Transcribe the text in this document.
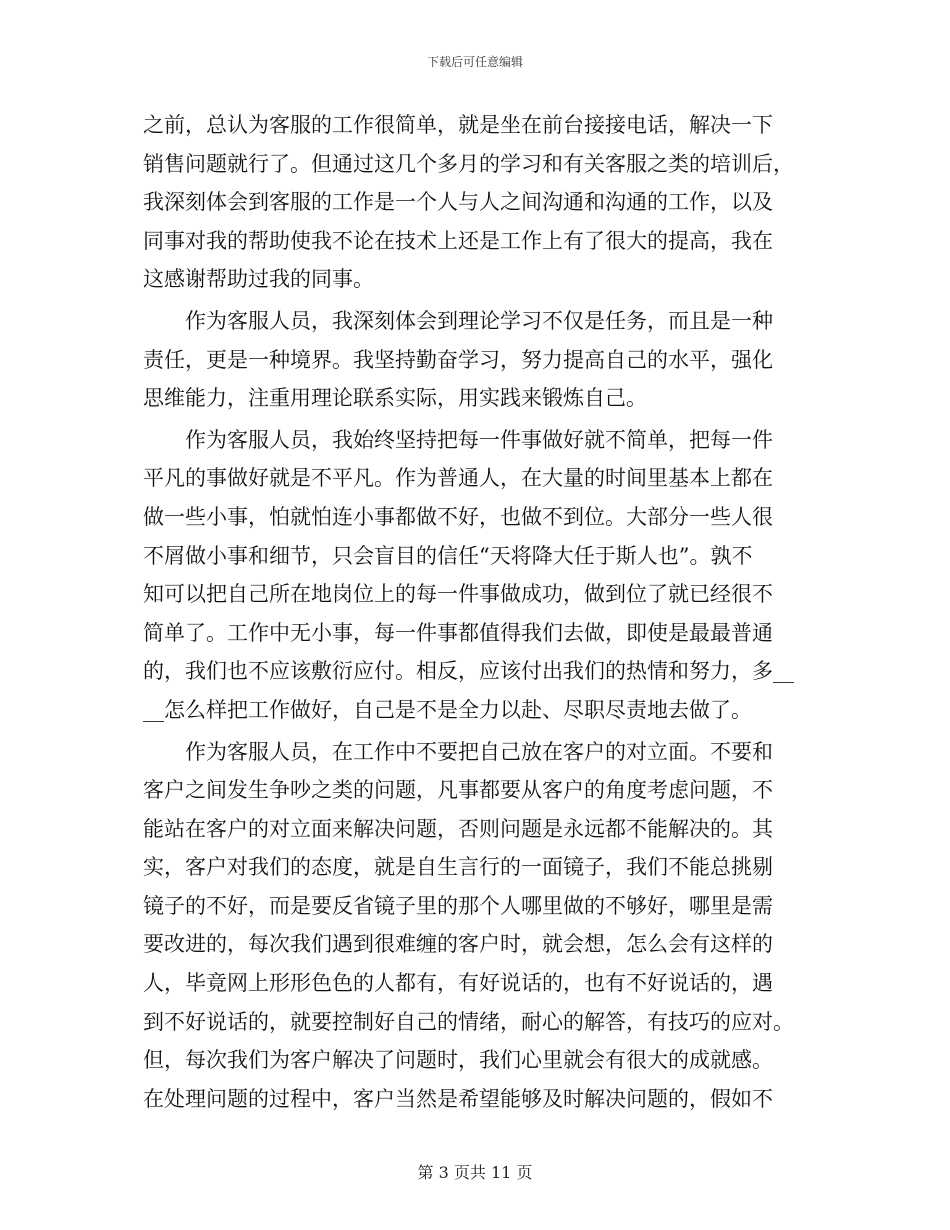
下载后可任意编辑
之前，总认为客服的工作很简单，就是坐在前台接接电话，解决一下
销售问题就行了。但通过这几个多月的学习和有关客服之类的培训后，
我深刻体会到客服的工作是一个人与人之间沟通和沟通的工作，以及
同事对我的帮助使我不论在技术上还是工作上有了很大的提高，我在
这感谢帮助过我的同事。
　　作为客服人员，我深刻体会到理论学习不仅是任务，而且是一种
责任，更是一种境界。我坚持勤奋学习，努力提高自己的水平，强化
思维能力，注重用理论联系实际，用实践来锻炼自己。
　　作为客服人员，我始终坚持把每一件事做好就不简单，把每一件
平凡的事做好就是不平凡。作为普通人，在大量的时间里基本上都在
做一些小事，怕就怕连小事都做不好，也做不到位。大部分一些人很
不屑做小事和细节，只会盲目的信任“天将降大任于斯人也”。孰不
知可以把自己所在地岗位上的每一件事做成功，做到位了就已经很不
简单了。工作中无小事，每一件事都值得我们去做，即使是最最普通
的，我们也不应该敷衍应付。相反，应该付出我们的热情和努力，多__
__怎么样把工作做好，自己是不是全力以赴、尽职尽责地去做了。
　　作为客服人员，在工作中不要把自己放在客户的对立面。不要和
客户之间发生争吵之类的问题，凡事都要从客户的角度考虑问题，不
能站在客户的对立面来解决问题，否则问题是永远都不能解决的。其
实，客户对我们的态度，就是自生言行的一面镜子，我们不能总挑剔
镜子的不好，而是要反省镜子里的那个人哪里做的不够好，哪里是需
要改进的，每次我们遇到很难缠的客户时，就会想，怎么会有这样的
人，毕竟网上形形色色的人都有，有好说话的，也有不好说话的，遇
到不好说话的，就要控制好自己的情绪，耐心的解答，有技巧的应对。
但，每次我们为客户解决了问题时，我们心里就会有很大的成就感。
在处理问题的过程中，客户当然是希望能够及时解决问题的，假如不
第 3 页共 11 页
